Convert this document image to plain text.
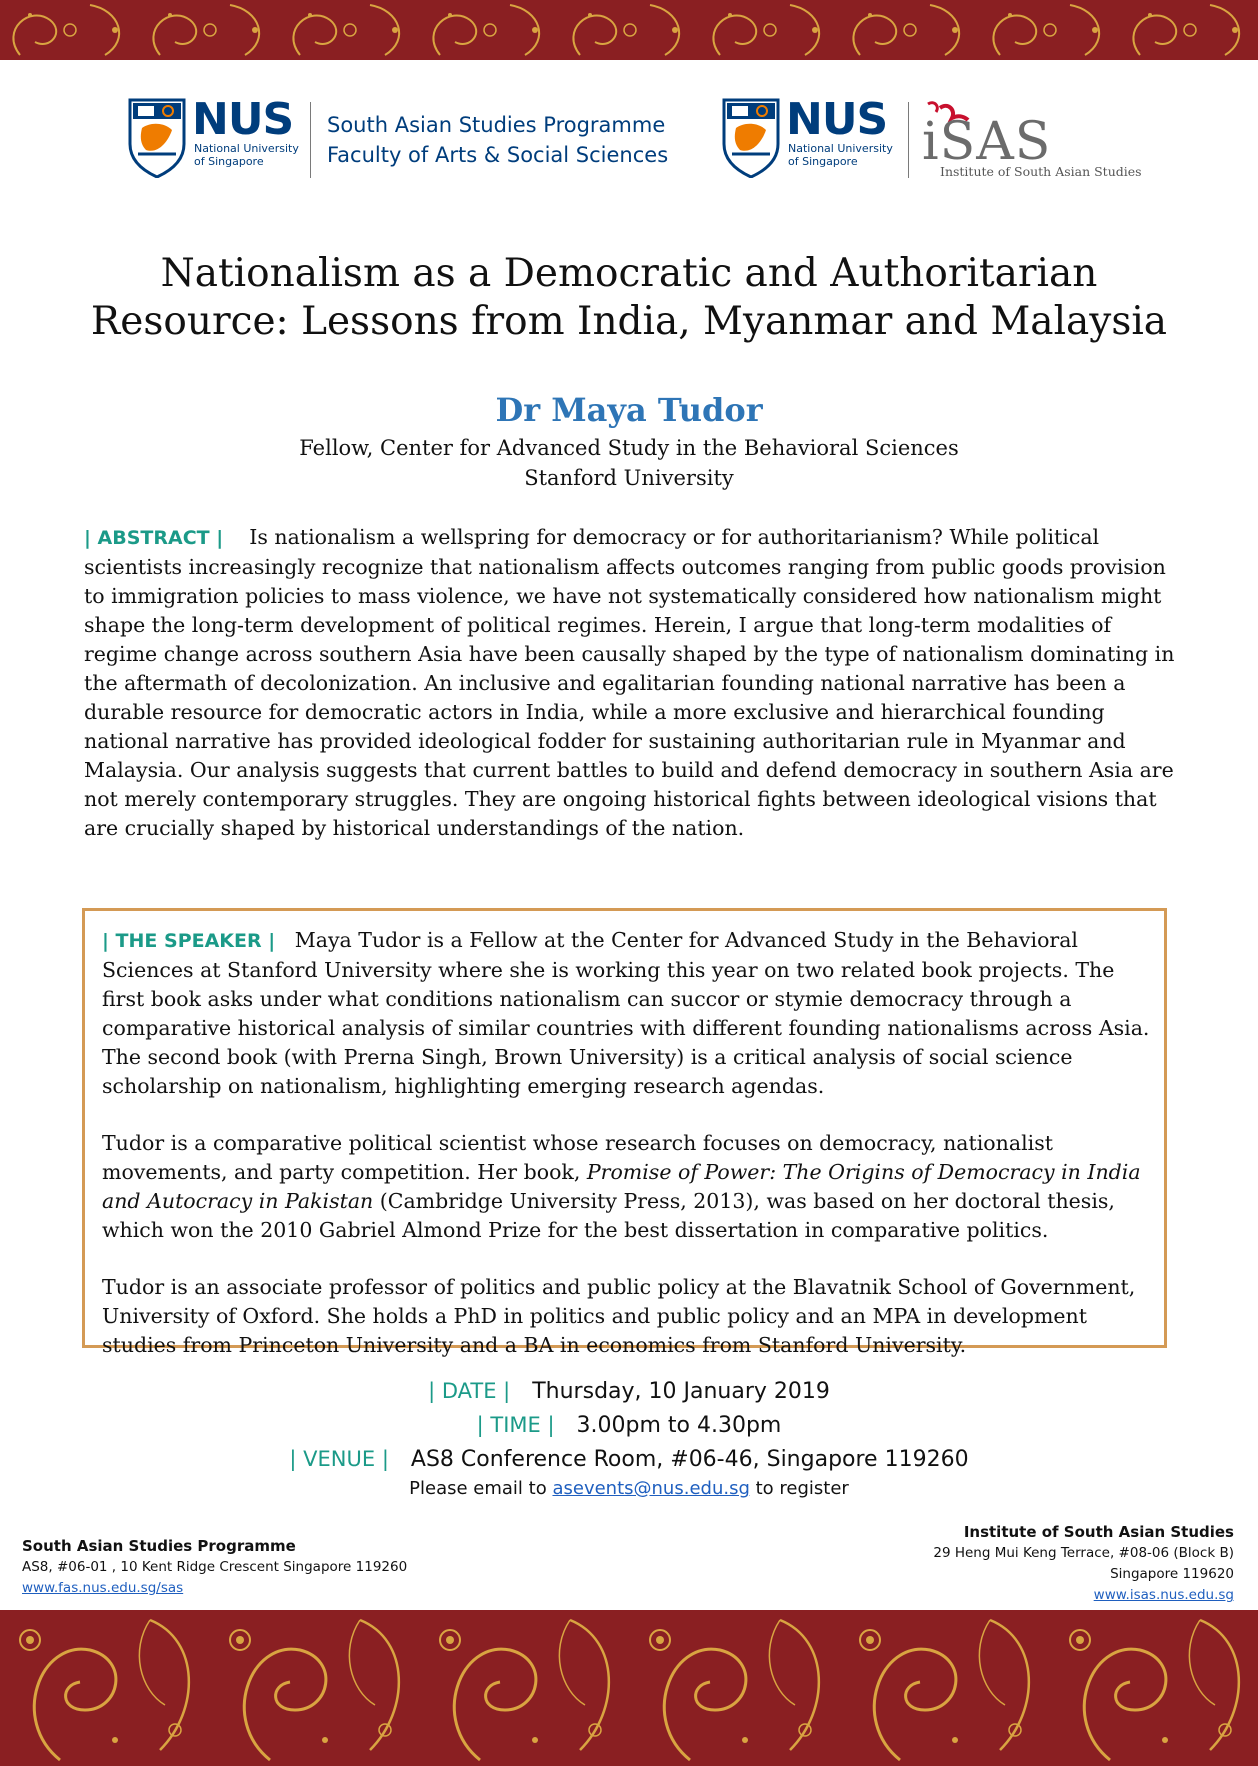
NUS
National University
of Singapore
South Asian Studies Programme
Faculty of Arts & Social Sciences
NUS
National University
of Singapore	iSAS
Institute of South Asian Studies
Nationalism as a Democratic and Authoritarian
Resource: Lessons from India, Myanmar and Malaysia
Dr Maya Tudor
Fellow, Center for Advanced Study in the Behavioral Sciences
Stanford University

| ABSTRACT | Is nationalism a wellspring for democracy or for authoritarianism? While political scientists increasingly recognize that nationalism affects outcomes ranging from public goods provision to immigration policies to mass violence, we have not systematically considered how nationalism might shape the long-term development of political regimes. Herein, I argue that long-term modalities of regime change across southern Asia have been causally shaped by the type of nationalism dominating in the aftermath of decolonization. An inclusive and egalitarian founding national narrative has been a durable resource for democratic actors in India, while a more exclusive and hierarchical founding national narrative has provided ideological fodder for sustaining authoritarian rule in Myanmar and Malaysia. Our analysis suggests that current battles to build and defend democracy in southern Asia are not merely contemporary struggles. They are ongoing historical fights between ideological visions that are crucially shaped by historical understandings of the nation.

| THE SPEAKER | Maya Tudor is a Fellow at the Center for Advanced Study in the Behavioral Sciences at Stanford University where she is working this year on two related book projects. The first book asks under what conditions nationalism can succor or stymie democracy through a comparative historical analysis of similar countries with different founding nationalisms across Asia. The second book (with Prerna Singh, Brown University) is a critical analysis of social science scholarship on nationalism, highlighting emerging research agendas.

Tudor is a comparative political scientist whose research focuses on democracy, nationalist movements, and party competition. Her book, Promise of Power: The Origins of Democracy in India and Autocracy in Pakistan (Cambridge University Press, 2013), was based on her doctoral thesis, which won the 2010 Gabriel Almond Prize for the best dissertation in comparative politics.

Tudor is an associate professor of politics and public policy at the Blavatnik School of Government, University of Oxford. She holds a PhD in politics and public policy and an MPA in development studies from Princeton University and a BA in economics from Stanford University.

| DATE | Thursday, 10 January 2019
| TIME | 3.00pm to 4.30pm
| VENUE | AS8 Conference Room, #06-46, Singapore 119260
Please email to asevents@nus.edu.sg to register
South Asian Studies Programme
AS8, #06-01 , 10 Kent Ridge Crescent Singapore 119260
www.fas.nus.edu.sg/sas
Institute of South Asian Studies
29 Heng Mui Keng Terrace, #08-06 (Block B)
Singapore 119620
www.isas.nus.edu.sg
